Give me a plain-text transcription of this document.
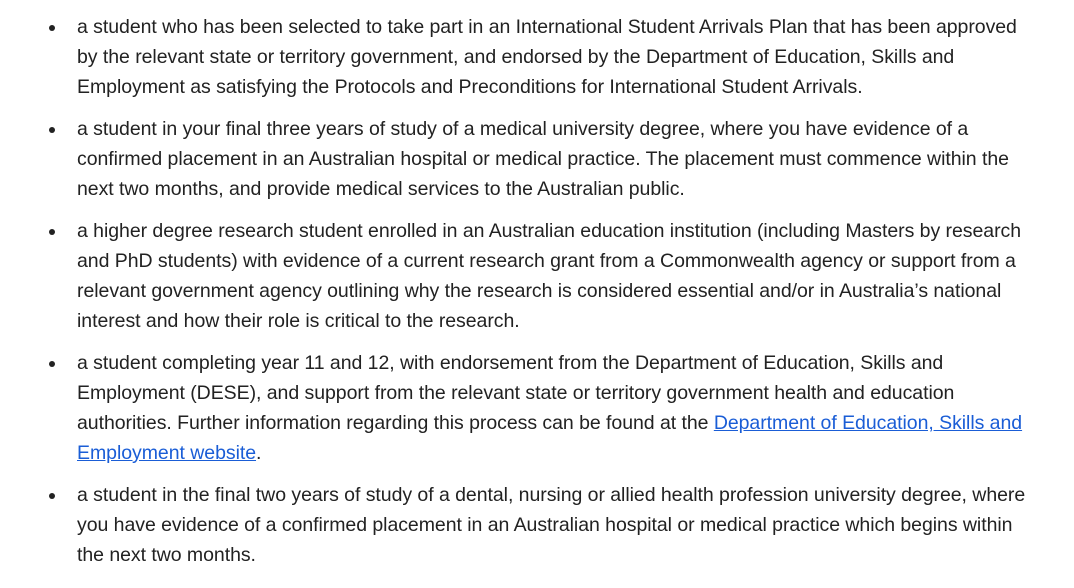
a student who has been selected to take part in an International Student Arrivals Plan that has been approved by the relevant state or territory government, and endorsed by the Department of Education, Skills and Employment as satisfying the Protocols and Preconditions for International Student Arrivals.
a student in your final three years of study of a medical university degree, where you have evidence of a confirmed placement in an Australian hospital or medical practice. The placement must commence within the next two months, and provide medical services to the Australian public.
a higher degree research student enrolled in an Australian education institution (including Masters by research and PhD students) with evidence of a current research grant from a Commonwealth agency or support from a relevant government agency outlining why the research is considered essential and/or in Australia’s national interest and how their role is critical to the research.
a student completing year 11 and 12, with endorsement from the Department of Education, Skills and Employment (DESE), and support from the relevant state or territory government health and education authorities. Further information regarding this process can be found at the Department of Education, Skills and Employment website.
a student in the final two years of study of a dental, nursing or allied health profession university degree, where you have evidence of a confirmed placement in an Australian hospital or medical practice which begins within the next two months.
